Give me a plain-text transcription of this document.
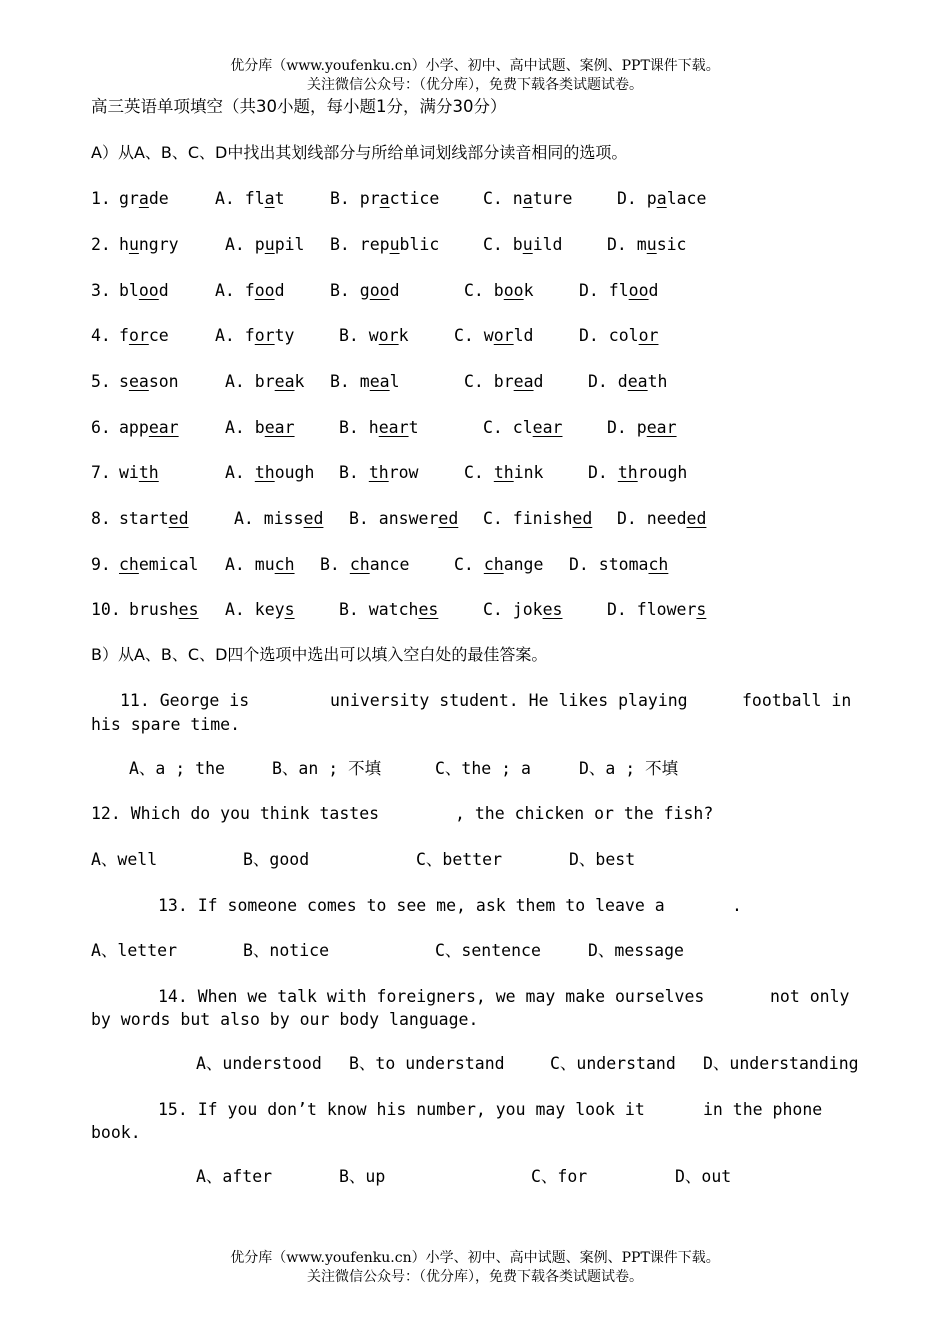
优分库（www.youfenku.cn）小学、初中、高中试题、案例、PPT课件下载。
关注微信公众号：（优分库），免费下载各类试题试卷。
高三英语单项填空（共30小题，每小题1分，满分30分）
A）从A、B、C、D中找出其划线部分与所给单词划线部分读音相同的选项。
1. grade	A. flat	B. practice	C. nature	D. palace
2. hungry	A. pupil B. republic	C. build	D. music
3. blood	A. food	B. good	C. book	D. flood
4. force	A. forty	B. work	C. world	D. color
5. season	A. break B. meal	C. bread	D. death
6. appear	A. bear	B. heart	C. clear	D. pear
7. with	A. though B. throw	C. think	D. through
8. started	A. missed B. answered C. finished D. needed
9. chemical A. much B. chance	C. change D. stomach
10. brushes A. keys	B. watches	C. jokes	D. flowers
B）从A、B、C、D四个选项中选出可以填入空白处的最佳答案。
11. George is	university student. He likes playing	football in
his spare time.
A、a ; the	B、an ; 不填	C、the ; a	D、a ; 不填
12. Which do you think tastes	, the chicken or the fish?
A、well	B、good	C、better	D、best
13. If someone comes to see me, ask them to leave a	.
A、letter	B、notice	C、sentence	D、message
14. When we talk with foreigners, we may make ourselves	not only
by words but also by our body language.
A、understood B、to understand	C、understand D、understanding
15. If you don’t know his number, you may look it	in the phone
book.
A、after	B、up	C、for	D、out
优分库（www.youfenku.cn）小学、初中、高中试题、案例、PPT课件下载。
关注微信公众号：（优分库），免费下载各类试题试卷。
